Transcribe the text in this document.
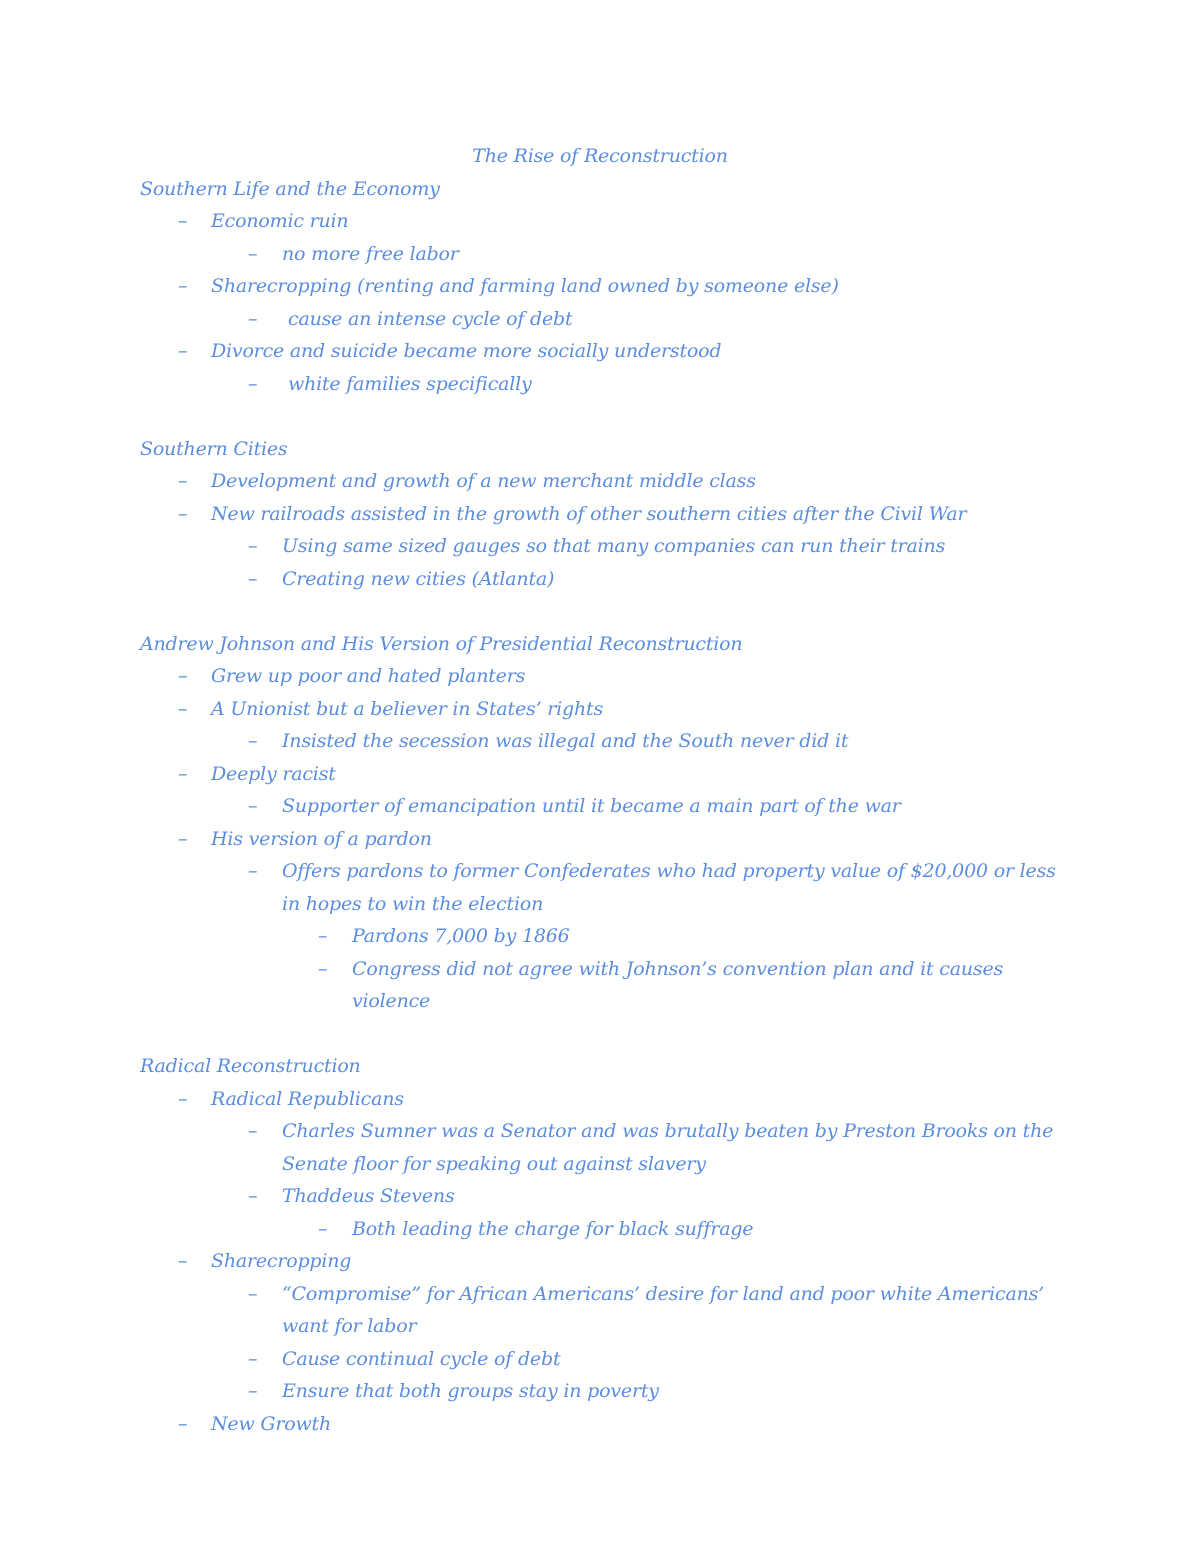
The Rise of Reconstruction

Southern Life and the Economy

– Economic ruin
– no more free labor
– Sharecropping (renting and farming land owned by someone else)
–	cause an intense cycle of debt
– Divorce and suicide became more socially understood
–	white families specifically

Southern Cities

– Development and growth of a new merchant middle class
– New railroads assisted in the growth of other southern cities after the Civil War
– Using same sized gauges so that many companies can run their trains
– Creating new cities (Atlanta)

Andrew Johnson and His Version of Presidential Reconstruction

– Grew up poor and hated planters
– A Unionist but a believer in States’ rights
– Insisted the secession was illegal and the South never did it
– Deeply racist
– Supporter of emancipation until it became a main part of the war
– His version of a pardon
– Offers pardons to former Confederates who had property value of $20,000 or less in hopes to win the election
– Pardons 7,000 by 1866
– Congress did not agree with Johnson’s convention plan and it causes violence

Radical Reconstruction

– Radical Republicans
– Charles Sumner was a Senator and was brutally beaten by Preston Brooks on the Senate floor for speaking out against slavery
– Thaddeus Stevens
– Both leading the charge for black suffrage
– Sharecropping
– “Compromise” for African Americans’ desire for land and poor white Americans’ want for labor
– Cause continual cycle of debt
– Ensure that both groups stay in poverty
– New Growth
